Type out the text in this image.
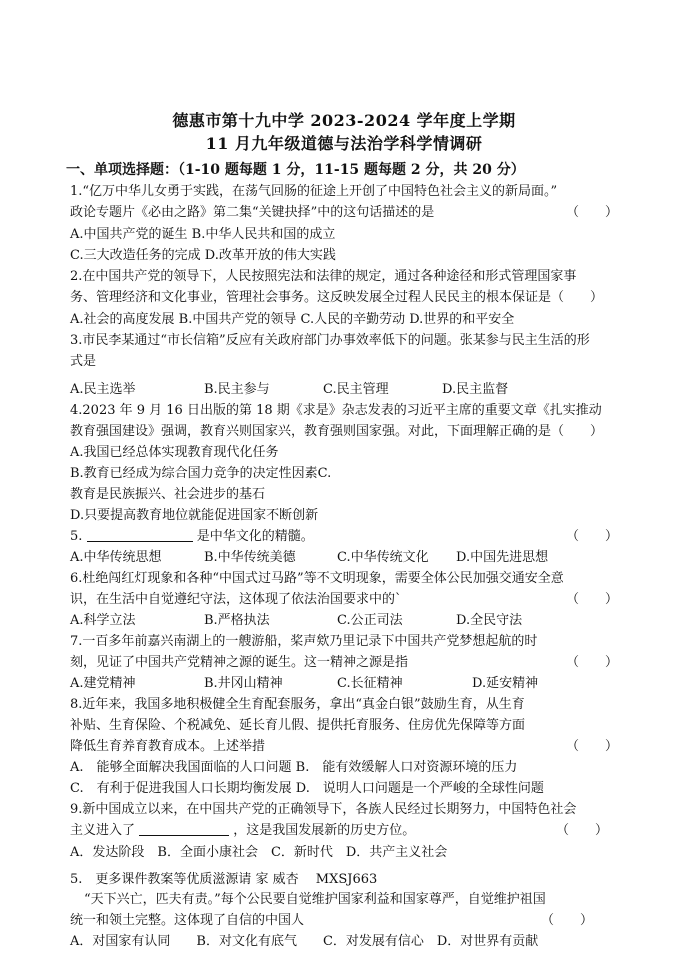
德惠市第十九中学 2023-2024 学年度上学期
11 月九年级道德与法治学科学情调研
一、单项选择题：（1-10 题每题 1 分，11-15 题每题 2 分，共 20 分）
1.“亿万中华儿女勇于实践，在荡气回肠的征途上开创了中国特色社会主义的新局面。”
政论专题片《必由之路》第二集“关键抉择”中的这句话描述的是	（　　）
A.中国共产党的诞生 B.中华人民共和国的成立
C.三大改造任务的完成 D.改革开放的伟大实践
2.在中国共产党的领导下，人民按照宪法和法律的规定，通过各种途径和形式管理国家事
务、管理经济和文化事业，管理社会事务。这反映发展全过程人民民主的根本保证是（　　）
A.社会的高度发展 B.中国共产党的领导 C.人民的辛勤劳动 D.世界的和平安全
3.市民李某通过“市长信箱”反应有关政府部门办事效率低下的问题。张某参与民主生活的形
式是
A.民主选举	B.民主参与	C.民主管理	D.民主监督
4.2023 年 9 月 16 日出版的第 18 期《求是》杂志发表的习近平主席的重要文章《扎实推动
教育强国建设》强调，教育兴则国家兴，教育强则国家强。对此，下面理解正确的是（　　）
A.我国已经总体实现教育现代化任务
B.教育已经成为综合国力竞争的决定性因素C.
教育是民族振兴、社会进步的基石
D.只要提高教育地位就能促进国家不断创新
5.	是中华文化的精髓。	（　　）
A.中华传统思想	B.中华传统美德	C.中华传统文化 D.中国先进思想
6.杜绝闯红灯现象和各种“中国式过马路”等不文明现象，需要全体公民加强交通安全意
识，在生活中自觉遵纪守法，这体现了依法治国要求中的`	（　　）
A.科学立法	B.严格执法	C.公正司法	D.全民守法
7.一百多年前嘉兴南湖上的一艘游船，桨声欸乃里记录下中国共产党梦想起航的时
刻，见证了中国共产党精神之源的诞生。这一精神之源是指	（　　）
A.建党精神	B.井冈山精神	C.长征精神	D.延安精神
8.近年来，我国多地积极健全生育配套服务，拿出“真金白银”鼓励生育，从生育
补贴、生育保险、个税减免、延长育儿假、提供托育服务、住房优先保障等方面
降低生育养育教育成本。上述举措	（　　）
A.　能够全面解决我国面临的人口问题 B.　能有效缓解人口对资源环境的压力
C.　有利于促进我国人口长期均衡发展 D.　说明人口问题是一个严峻的全球性问题
9.新中国成立以来，在中国共产党的正确领导下，各族人民经过长期努力，中国特色社会
主义进入了	，这是我国发展新的历史方位。	（　　）
A．发达阶段　B．全面小康社会　C．新时代　D．共产主义社会
5.　更多课件教案等优质滋源请 家 威杏　 MXSJ663
“天下兴亡，匹夫有责。”每个公民要自觉维护国家利益和国家尊严，自觉维护祖国
统一和领土完整。这体现了自信的中国人	（　　）
A．对国家有认同　　B．对文化有底气　　C．对发展有信心　D．对世界有贡献
